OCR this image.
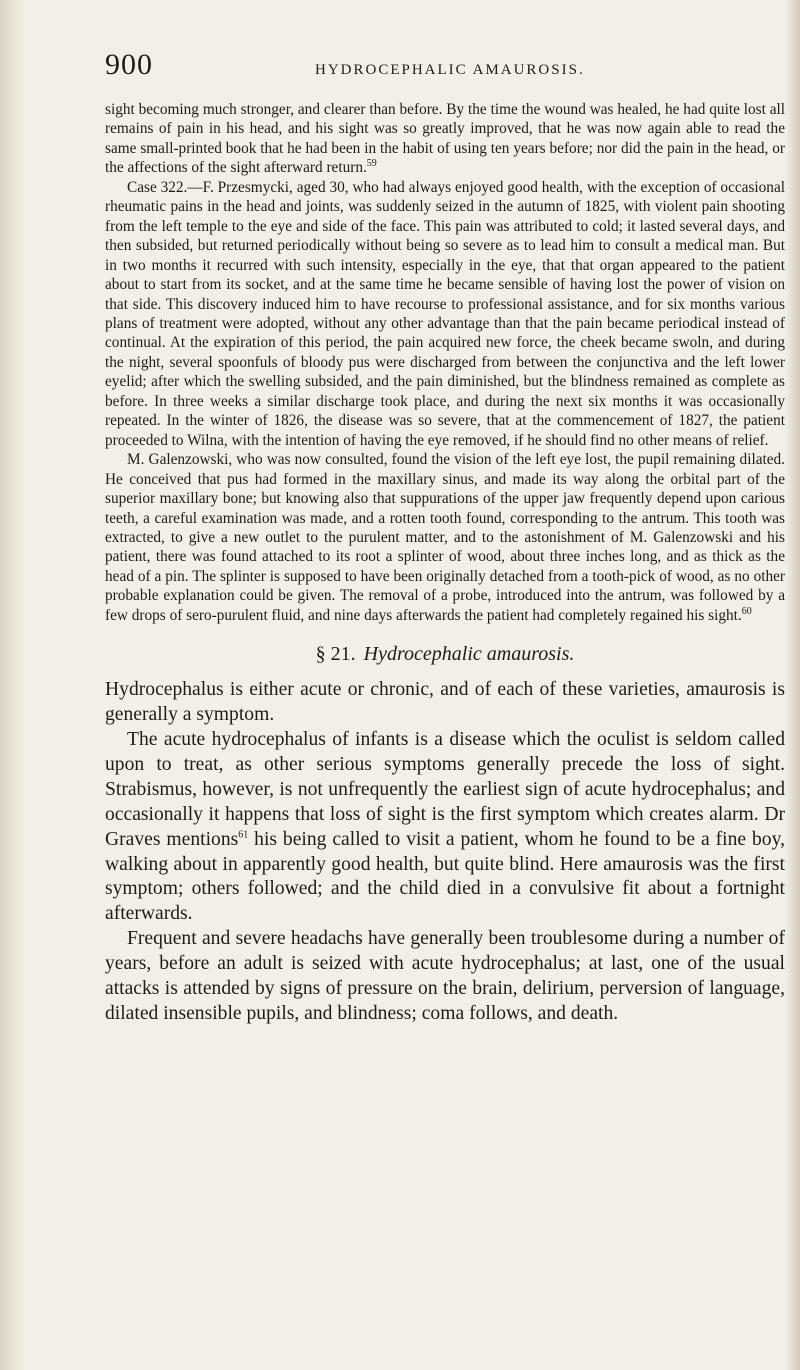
900	HYDROCEPHALIC AMAUROSIS.

sight becoming much stronger, and clearer than before. By the time the wound was healed, he had quite lost all remains of pain in his head, and his sight was so greatly improved, that he was now again able to read the same small-printed book that he had been in the habit of using ten years before; nor did the pain in the head, or the affections of the sight afterward return.$^{59}$

Case 322.—F. Przesmycki, aged 30, who had always enjoyed good health, with the exception of occasional rheumatic pains in the head and joints, was suddenly seized in the autumn of 1825, with violent pain shooting from the left temple to the eye and side of the face. This pain was attributed to cold; it lasted several days, and then subsided, but returned periodically without being so severe as to lead him to consult a medical man. But in two months it recurred with such intensity, especially in the eye, that that organ appeared to the patient about to start from its socket, and at the same time he became sensible of having lost the power of vision on that side. This discovery induced him to have recourse to professional assistance, and for six months various plans of treatment were adopted, without any other advantage than that the pain became periodical instead of continual. At the expiration of this period, the pain acquired new force, the cheek became swoln, and during the night, several spoonfuls of bloody pus were discharged from between the conjunctiva and the left lower eyelid; after which the swelling subsided, and the pain diminished, but the blindness remained as complete as before. In three weeks a similar discharge took place, and during the next six months it was occasionally repeated. In the winter of 1826, the disease was so severe, that at the commencement of 1827, the patient proceeded to Wilna, with the intention of having the eye removed, if he should find no other means of relief.

M. Galenzowski, who was now consulted, found the vision of the left eye lost, the pupil remaining dilated. He conceived that pus had formed in the maxillary sinus, and made its way along the orbital part of the superior maxillary bone; but knowing also that suppurations of the upper jaw frequently depend upon carious teeth, a careful examination was made, and a rotten tooth found, corresponding to the antrum. This tooth was extracted, to give a new outlet to the purulent matter, and to the astonishment of M. Galenzowski and his patient, there was found attached to its root a splinter of wood, about three inches long, and as thick as the head of a pin. The splinter is supposed to have been originally detached from a tooth-pick of wood, as no other probable explanation could be given. The removal of a probe, introduced into the antrum, was followed by a few drops of sero-purulent fluid, and nine days afterwards the patient had completely regained his sight.$^{60}$

§ 21. Hydrocephalic amaurosis.

Hydrocephalus is either acute or chronic, and of each of these varieties, amaurosis is generally a symptom.

The acute hydrocephalus of infants is a disease which the oculist is seldom called upon to treat, as other serious symptoms generally precede the loss of sight. Strabismus, however, is not unfrequently the earliest sign of acute hydrocephalus; and occasionally it happens that loss of sight is the first symptom which creates alarm. Dr Graves mentions$^{61}$ his being called to visit a patient, whom he found to be a fine boy, walking about in apparently good health, but quite blind. Here amaurosis was the first symptom; others followed; and the child died in a convulsive fit about a fortnight afterwards.

Frequent and severe headachs have generally been troublesome during a number of years, before an adult is seized with acute hydrocephalus; at last, one of the usual attacks is attended by signs of pressure on the brain, delirium, perversion of language, dilated insensible pupils, and blindness; coma follows, and death.
